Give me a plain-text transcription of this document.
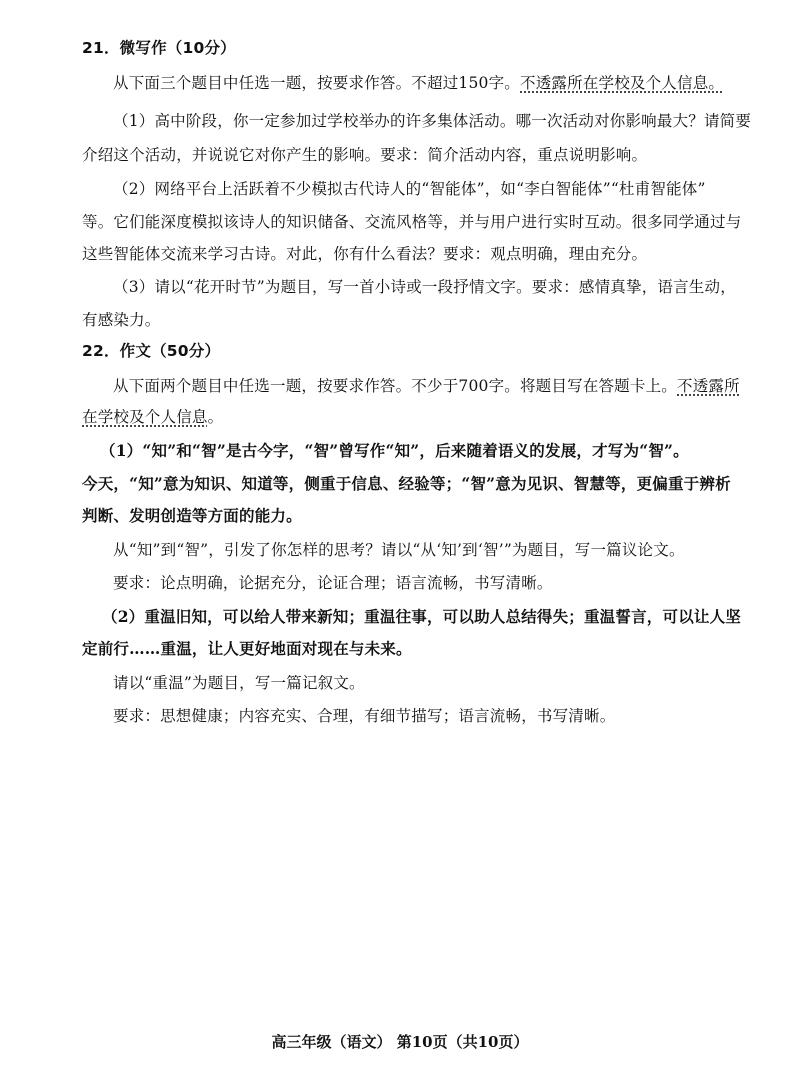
21．微写作（10分）
从下面三个题目中任选一题，按要求作答。不超过150字。不透露所在学校及个人信息。
（1）高中阶段，你一定参加过学校举办的许多集体活动。哪一次活动对你影响最大？请简要
介绍这个活动，并说说它对你产生的影响。要求：简介活动内容，重点说明影响。
（2）网络平台上活跃着不少模拟古代诗人的“智能体”，如“李白智能体”“杜甫智能体”
等。它们能深度模拟该诗人的知识储备、交流风格等，并与用户进行实时互动。很多同学通过与
这些智能体交流来学习古诗。对此，你有什么看法？要求：观点明确，理由充分。
（3）请以“花开时节”为题目，写一首小诗或一段抒情文字。要求：感情真挚，语言生动，
有感染力。
22．作文（50分）
从下面两个题目中任选一题，按要求作答。不少于700字。将题目写在答题卡上。不透露所
在学校及个人信息。
（1）“知”和“智”是古今字，“智”曾写作“知”，后来随着语义的发展，才写为“智”。
今天，“知”意为知识、知道等，侧重于信息、经验等；“智”意为见识、智慧等，更偏重于辨析
判断、发明创造等方面的能力。
从“知”到“智”，引发了你怎样的思考？请以“从‘知’到‘智’”为题目，写一篇议论文。
要求：论点明确，论据充分，论证合理；语言流畅，书写清晰。
（2）重温旧知，可以给人带来新知；重温往事，可以助人总结得失；重温誓言，可以让人坚
定前行……重温，让人更好地面对现在与未来。
请以“重温”为题目，写一篇记叙文。
要求：思想健康；内容充实、合理，有细节描写；语言流畅，书写清晰。
高三年级（语文） 第10页（共10页）
